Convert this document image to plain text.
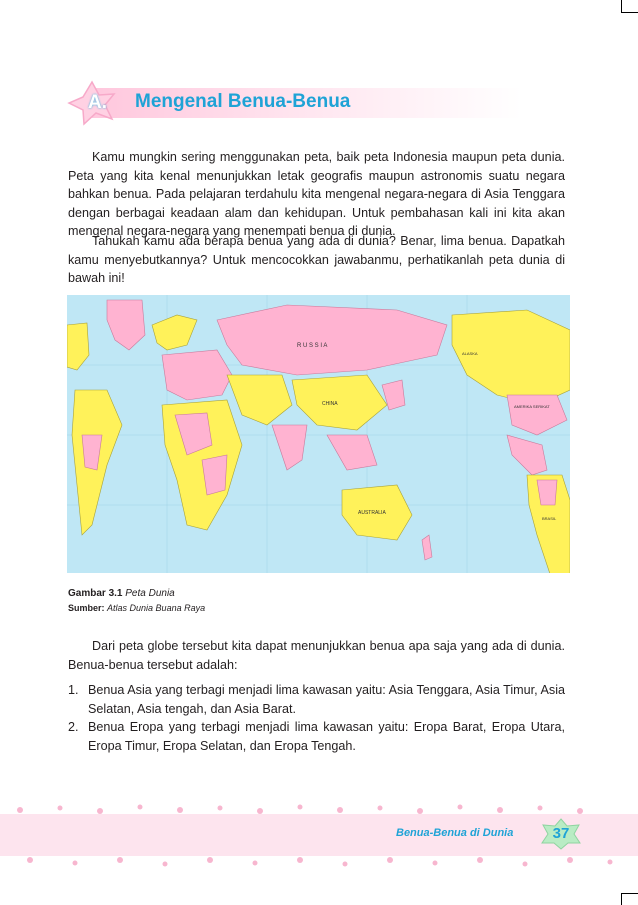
A. Mengenal Benua-Benua
Kamu mungkin sering menggunakan peta, baik peta Indonesia maupun peta dunia. Peta yang kita kenal menunjukkan letak geografis maupun astronomis suatu negara bahkan benua. Pada pelajaran terdahulu kita mengenal negara-negara di Asia Tenggara dengan berbagai keadaan alam dan kehidupan. Untuk pembahasan kali ini kita akan mengenal negara-negara yang menempati benua di dunia.
Tahukah kamu ada berapa benua yang ada di dunia? Benar, lima benua. Dapatkah kamu menyebutkannya? Untuk mencocokkan jawabanmu, perhatikanlah peta dunia di bawah ini!
R U S S I A
AUSTRALIA
ALASKA
AMERIKA SERIKAT
BRASIL
CHINA
Gambar 3.1 Peta Dunia
Sumber: Atlas Dunia Buana Raya
Dari peta globe tersebut kita dapat menunjukkan benua apa saja yang ada di dunia. Benua-benua tersebut adalah:
1. Benua Asia yang terbagi menjadi lima kawasan yaitu: Asia Tenggara, Asia Timur, Asia Selatan, Asia tengah, dan Asia Barat.
2. Benua Eropa yang terbagi menjadi lima kawasan yaitu: Eropa Barat, Eropa Utara, Eropa Timur, Eropa Selatan, dan Eropa Tengah.
Benua-Benua di Dunia	37
